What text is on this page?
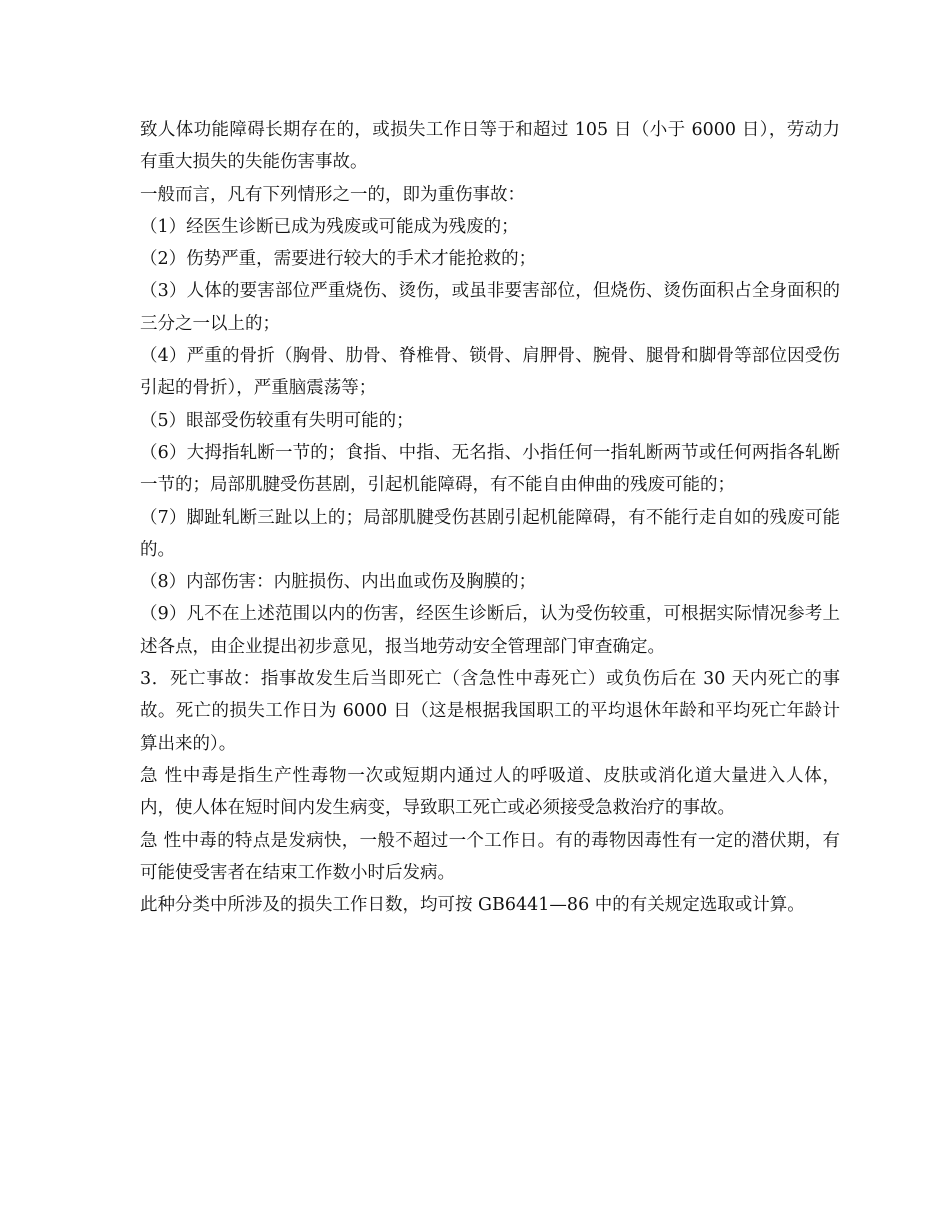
致人体功能障碍长期存在的，或损失工作日等于和超过 105 日（小于 6000 日），劳动力有重大损失的失能伤害事故。

一般而言，凡有下列情形之一的，即为重伤事故：

（1）经医生诊断已成为残废或可能成为残废的；

（2）伤势严重，需要进行较大的手术才能抢救的；

（3）人体的要害部位严重烧伤、烫伤，或虽非要害部位，但烧伤、烫伤面积占全身面积的三分之一以上的；

（4）严重的骨折（胸骨、肋骨、脊椎骨、锁骨、肩胛骨、腕骨、腿骨和脚骨等部位因受伤引起的骨折），严重脑震荡等；

（5）眼部受伤较重有失明可能的；

（6）大拇指轧断一节的；食指、中指、无名指、小指任何一指轧断两节或任何两指各轧断一节的；局部肌腱受伤甚剧，引起机能障碍，有不能自由伸曲的残废可能的；

（7）脚趾轧断三趾以上的；局部肌腱受伤甚剧引起机能障碍，有不能行走自如的残废可能的。

（8）内部伤害：内脏损伤、内出血或伤及胸膜的；

（9）凡不在上述范围以内的伤害，经医生诊断后，认为受伤较重，可根据实际情况参考上述各点，由企业提出初步意见，报当地劳动安全管理部门审查确定。

3．死亡事故：指事故发生后当即死亡（含急性中毒死亡）或负伤后在 30 天内死亡的事故。死亡的损失工作日为 6000 日（这是根据我国职工的平均退休年龄和平均死亡年龄计算出来的）。

急 性中毒是指生产性毒物一次或短期内通过人的呼吸道、皮肤或消化道大量进入人体，内，使人体在短时间内发生病变，导致职工死亡或必须接受急救治疗的事故。

急 性中毒的特点是发病快，一般不超过一个工作日。有的毒物因毒性有一定的潜伏期，有可能使受害者在结束工作数小时后发病。

此种分类中所涉及的损失工作日数，均可按 GB6441—86 中的有关规定选取或计算。
